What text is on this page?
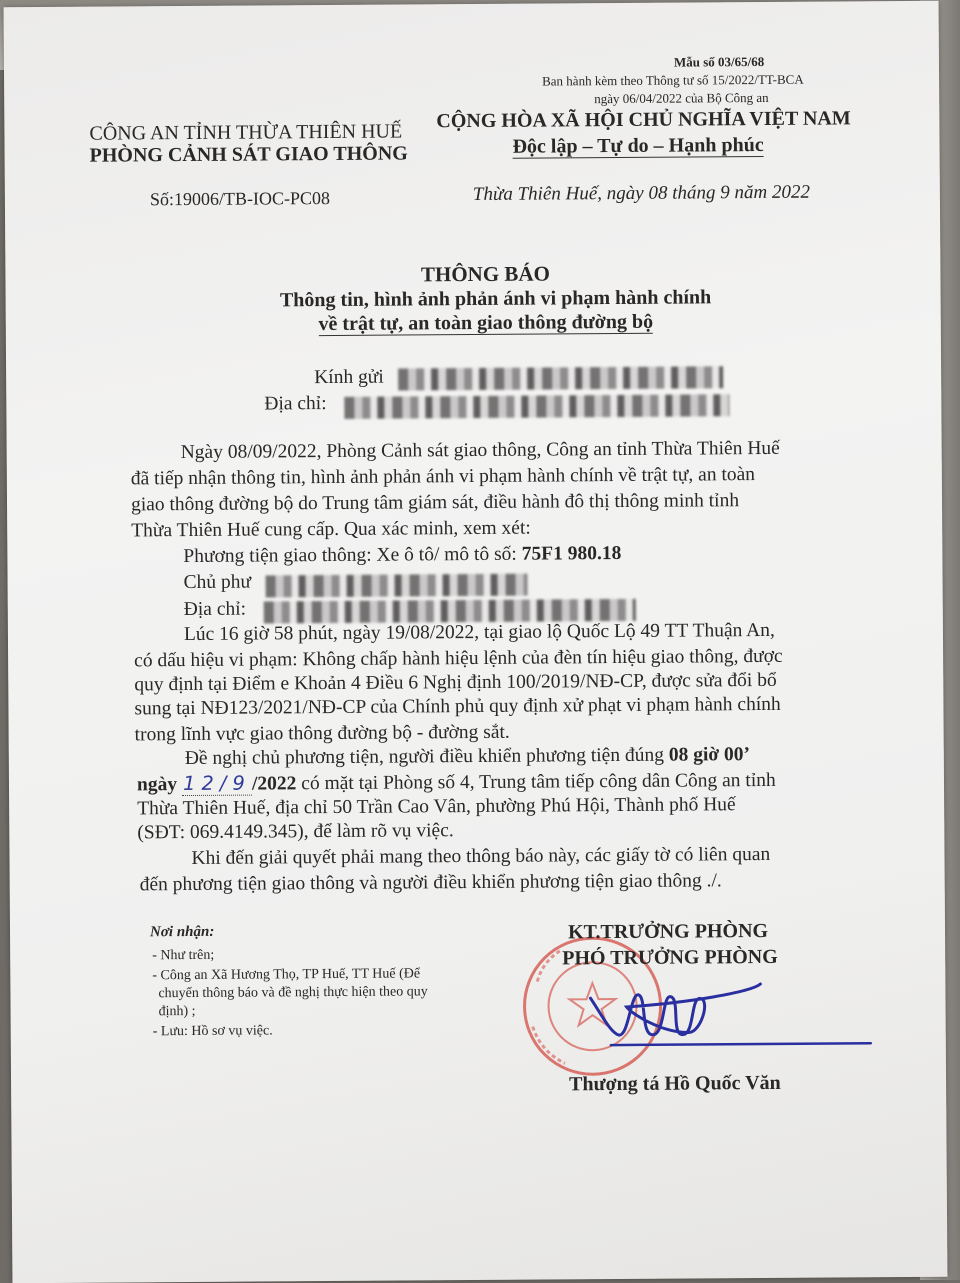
Mẫu số 03/65/68
Ban hành kèm theo Thông tư số 15/2022/TT-BCA
ngày 06/04/2022 của Bộ Công an
CÔNG AN TỈNH THỪA THIÊN HUẾ
PHÒNG CẢNH SÁT GIAO THÔNG
CỘNG HÒA XÃ HỘI CHỦ NGHĨA VIỆT NAM
Độc lập – Tự do – Hạnh phúc
Số:19006/TB-IOC-PC08	Thừa Thiên Huế, ngày 08 tháng 9 năm 2022
THÔNG BÁO
Thông tin, hình ảnh phản ánh vi phạm hành chính
về trật tự, an toàn giao thông đường bộ
Kính gửi
Địa chỉ:
Ngày 08/09/2022, Phòng Cảnh sát giao thông, Công an tỉnh Thừa Thiên Huế
đã tiếp nhận thông tin, hình ảnh phản ánh vi phạm hành chính về trật tự, an toàn
giao thông đường bộ do Trung tâm giám sát, điều hành đô thị thông minh tỉnh
Thừa Thiên Huế cung cấp. Qua xác minh, xem xét:
Phương tiện giao thông: Xe ô tô/ mô tô số: 75F1 980.18
Chủ phư
Địa chỉ:
Lúc 16 giờ 58 phút, ngày 19/08/2022, tại giao lộ Quốc Lộ 49 TT Thuận An,
có dấu hiệu vi phạm: Không chấp hành hiệu lệnh của đèn tín hiệu giao thông, được
quy định tại Điểm e Khoản 4 Điều 6 Nghị định 100/2019/NĐ-CP, được sửa đổi bổ
sung tại NĐ123/2021/NĐ-CP của Chính phủ quy định xử phạt vi phạm hành chính
trong lĩnh vực giao thông đường bộ - đường sắt.
Đề nghị chủ phương tiện, người điều khiển phương tiện đúng 08 giờ 00’
ngày 12/9/2022 có mặt tại Phòng số 4, Trung tâm tiếp công dân Công an tỉnh
Thừa Thiên Huế, địa chỉ 50 Trần Cao Vân, phường Phú Hội, Thành phố Huế
(SĐT: 069.4149.345), để làm rõ vụ việc.
Khi đến giải quyết phải mang theo thông báo này, các giấy tờ có liên quan
đến phương tiện giao thông và người điều khiển phương tiện giao thông ./.
Nơi nhận:
- Như trên;
- Công an Xã Hương Thọ, TP Huế, TT Huế (Để
chuyển thông báo và đề nghị thực hiện theo quy
định) ;
- Lưu: Hồ sơ vụ việc.
KT.TRƯỞNG PHÒNG
PHÓ TRƯỞNG PHÒNG
Thượng tá Hồ Quốc Văn
